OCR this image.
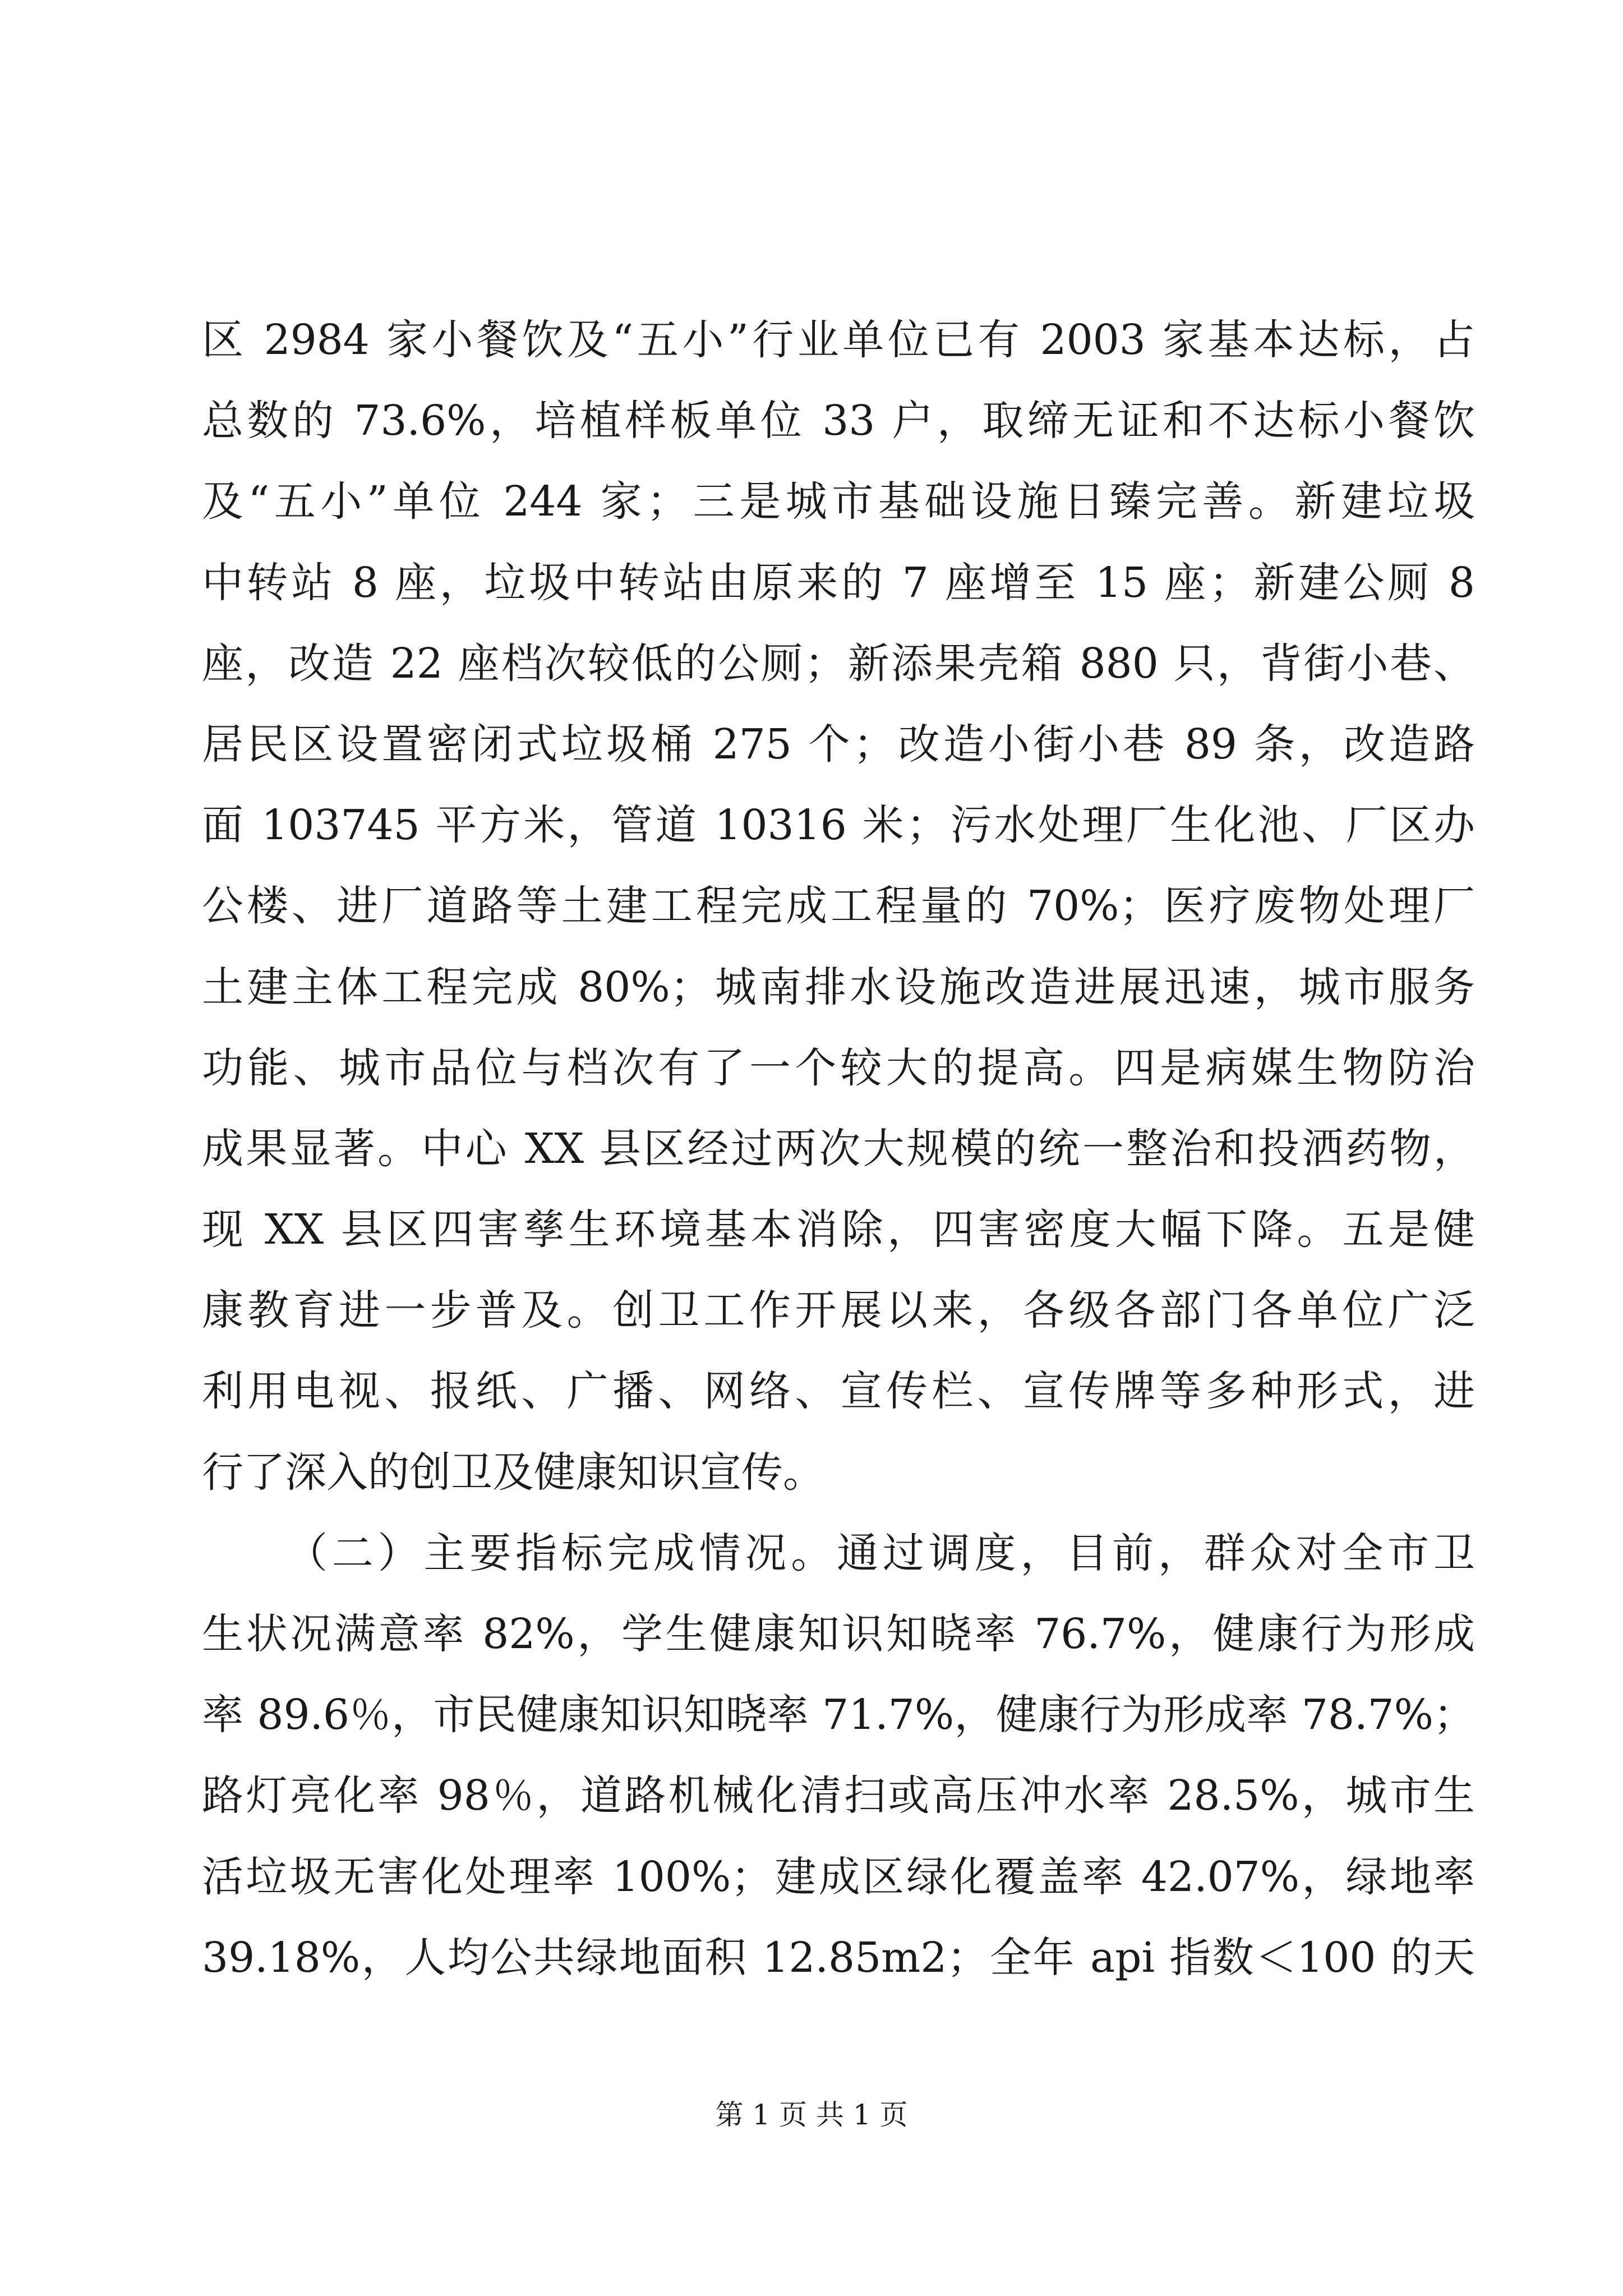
区 2984 家小餐饮及“五小”行业单位已有 2003 家基本达标，占
总数的 73.6%，培植样板单位 33 户，取缔无证和不达标小餐饮
及“五小”单位 244 家；三是城市基础设施日臻完善。新建垃圾
中转站 8 座，垃圾中转站由原来的 7 座增至 15 座；新建公厕 8
座，改造 22 座档次较低的公厕；新添果壳箱 880 只，背街小巷、
居民区设置密闭式垃圾桶 275 个；改造小街小巷 89 条，改造路
面 103745 平方米，管道 10316 米；污水处理厂生化池、厂区办
公楼、进厂道路等土建工程完成工程量的 70%；医疗废物处理厂
土建主体工程完成 80%；城南排水设施改造进展迅速，城市服务
功能、城市品位与档次有了一个较大的提高。四是病媒生物防治
成果显著。中心 XX 县区经过两次大规模的统一整治和投洒药物，
现 XX 县区四害孳生环境基本消除，四害密度大幅下降。五是健
康教育进一步普及。创卫工作开展以来，各级各部门各单位广泛
利用电视、报纸、广播、网络、宣传栏、宣传牌等多种形式，进
行了深入的创卫及健康知识宣传。
（二）主要指标完成情况。通过调度，目前，群众对全市卫
生状况满意率 82%，学生健康知识知晓率 76.7%，健康行为形成
率 89.6％，市民健康知识知晓率 71.7%，健康行为形成率 78.7%；
路灯亮化率 98％，道路机械化清扫或高压冲水率 28.5%，城市生
活垃圾无害化处理率 100%；建成区绿化覆盖率 42.07%，绿地率
39.18%，人均公共绿地面积 12.85m2；全年 api 指数＜100 的天
第 1 页 共 1 页
